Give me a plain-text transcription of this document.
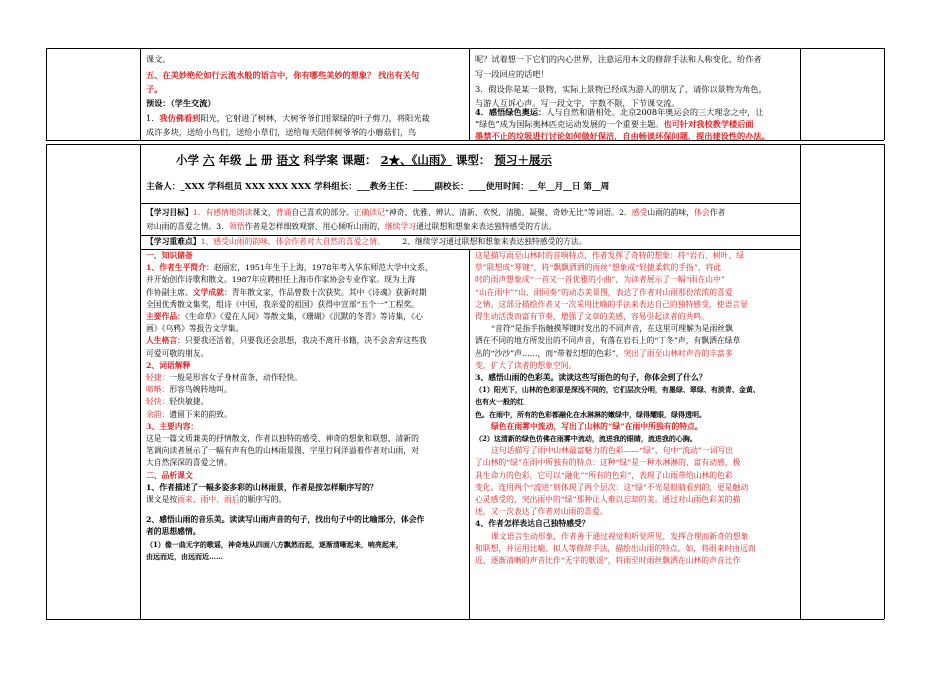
课文。
五、在美妙绝伦如行云流水般的语言中，你有哪些美妙的想象？ 找出有关句
子。
预设：（学生交流）
1．我仿佛看到阳光，它射进了树林，大树爷爷们用翠绿的叶子剪刀，将阳光裁
成许多块，送给小鸟们，送给小草们，送给每天陪伴树爷爷的小蘑菇们，鸟
呢？试着想一下它们的内心世界，注意运用本文的修辞手法和人称变化，给作者
写一段回应的话吧！
3．假设你是某一景物，实际上景物已经成为游人的朋友了，请你以景物为角色，
与游人互诉心声。写一段文字，字数不限，下节课交流。
4．感悟绿色奥运：人与自然和谐相处。北京2008年奥运会的三大理念之中，让
“绿色”成为国际奥林匹克运动发展的一个重要主题。也可针对我校教学楼后面
墨禁不止的垃圾进行讨论如何做好保洁，自由畅谈环保问题，提出建设性的办法。
小学 六 年级 上 册 语文 科学案 课题： 2★、《山雨》 课型： 预习＋展示
主备人：_XXX 学科组员 XXX XXX XXX 学科组长：___教务主任：_____副校长：____使用时间：__年__月__日 第__周
【学习目标】1．有感情地朗读课文，背诵自己喜欢的部分。正确读记“神奇、优雅、辨认、清新、欢悦、清脆、凝聚、奇妙无比”等词语。2．感受山雨的韵味，体会作者
对山雨的喜爱之情。3．领悟作者是怎样细致观察、用心倾听山雨的，继续学习通过联想和想象来表达独特感受的方法。
【学习重难点】1、感受山雨的韵味，体会作者对大自然的喜爱之情。 2、继续学习通过联想和想象来表达独特感受的方法。
一、知识储备
1、作者生平简介：赵丽宏，1951年生于上海，1978年考入华东师范大学中文系，
并开始创作诗歌和散文。1987年应聘担任上海市作家协会专业作家。现为上海
作协副主席。文学成就：青年散文家，作品曾数十次获奖。其中《诗魂》获新时期
全国优秀散文集奖，组诗《中国，我亲爱的祖国》获得中宣部“五个一”工程奖。
主要作品：《生命草》《爱在人间》等散文集，《珊瑚》《沉默的冬青》等诗集，《心
画》《乌鸦》等报告文学集。
人生格言：只要我还活着，只要我还会思想，我决不离开书籍，决不会舍弃这些我
可爱可敬的朋友。
2、词语解释
轻捷：一般是形容女子身材苗条，动作轻快。
啼啭：形容鸟婉转地叫。
轻快：轻快敏捷。
余韵：遗留下来的韵致。
3、主要内容：
这是一篇文质兼美的抒情散文，作者以独特的感受、神奇的想象和联想、清新的
笔调向读者展示了一幅有声有色的山林雨景图，字里行间洋溢着作者对山雨，对
大自然深深的喜爱之情。
二、品析课文
1、作者描述了一幅多姿多彩的山林雨景，作者是按怎样顺序写的？
课文是按雨来、雨中、雨后的顺序写的。
2、感悟山雨的音乐美。读读写山雨声音的句子，找出句子中的比喻部分，体会作
者的思想感情。
（1）像一曲无字的歌谣，神奇地从四面八方飘然而起，逐渐清晰起来，响亮起来，
由远而近，由远而近……
这是描写雨至山林时的音响特点，作者发挥了奇特的想象：将“岩石、树叶、绿
草”联想成“琴键”，将“飘飘洒洒的雨丝”想象成“轻捷柔软的手指”，将此
时的雨声想象成“一首又一首优雅的小曲”，为读者展示了一幅“雨在山中”
“山在雨中”“山、雨同奏”的动态美景图，表达了作者对山雨那份浓浓的喜爱
之情。这部分描绘作者又一次采用比喻的手法来表达自己的独特感受，使语言显
得生动活泼而富有节奏，增强了文章的美感，容易引起读者的共鸣。
“音符”是指手指触摸琴键时发出的不同声音，在这里可理解为是雨丝飘
洒在不同的地方所发出的不同声音，有落在岩石上的“丁冬”声，有飘洒在绿草
丛的“沙沙”声……，而“带着幻想的色彩”，突出了雨至山林时声音的丰富多
变，扩大了读者的想象空间。
3、感悟山雨的色彩美。读读这些写雨色的句子，你体会到了什么？
（1）阳光下，山林的色彩原是深浅不同的，它们层次分明，有墨绿、翠绿、有淡青、金黄、
也有火一般的红
色。在雨中，所有的色彩都融化在水淋淋的嫩绿中，绿得耀眼，绿得透明。
绿色在雨雾中流动，写出了山林的“绿”在雨中所独有的特点。
（2）这清新的绿色仿佛在雨雾中流动，流进我的眼睛，流进我的心胸。
这句话描写了雨中山林最富魅力的色彩——“绿”，句中“流动”一词写出
了山林的“绿”在雨中所独有的特点：这种“绿”是一种水淋淋的、富有动感，极
具生命力的色彩，它可以“融化”“所有的色彩”，表现了山雨带给山林的色彩
变化。连用两个“流进”则体现了两个层次：这“绿”不光是眼睛看到的，更是触动
心灵感受的，突出雨中的“绿”那种让人难以忘却的美。通过对山雨色彩美的描
述，又一次表达了作者对山雨的喜爱。
4、作者怎样表达自己独特感受？
课文语言生动形象，作者善于通过视觉和听觉所见，发挥合理而新奇的想象
和联想，并运用比喻、拟人等修辞手法，描绘出山雨的特点。如，将雨来时由远而
近、逐渐清晰的声音比作“无字的歌谣”，将雨至时雨丝飘洒在山林的声音比作
